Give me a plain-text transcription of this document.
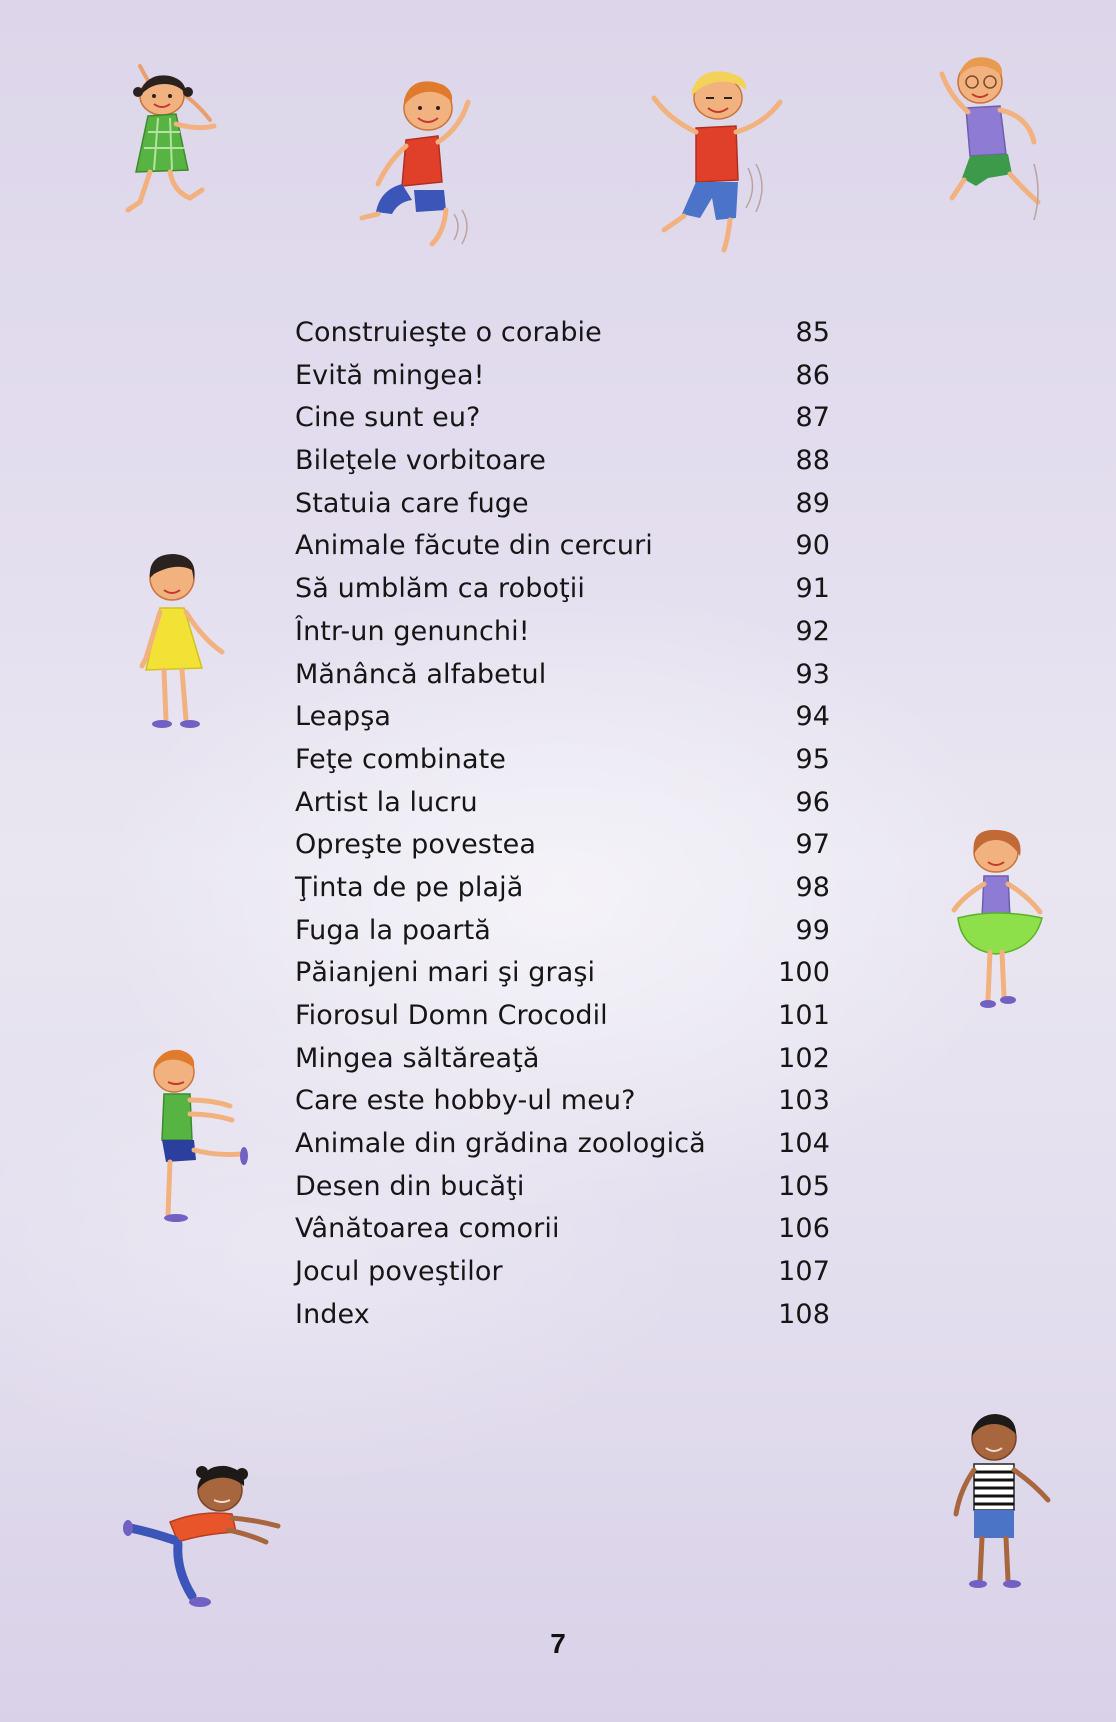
Construieşte o corabie	85
Evită mingea!	86
Cine sunt eu?	87
Bileţele vorbitoare	88
Statuia care fuge	89
Animale făcute din cercuri	90
Să umblăm ca roboţii	91
Într-un genunchi!	92
Mănâncă alfabetul	93
Leapşa	94
Feţe combinate	95
Artist la lucru	96
Opreşte povestea	97
Ţinta de pe plajă	98
Fuga la poartă	99
Păianjeni mari şi graşi	100
Fiorosul Domn Crocodil	101
Mingea săltăreaţă	102
Care este hobby-ul meu?	103
Animale din grădina zoologică	104
Desen din bucăţi	105
Vânătoarea comorii	106
Jocul poveştilor	107
Index	108
7
